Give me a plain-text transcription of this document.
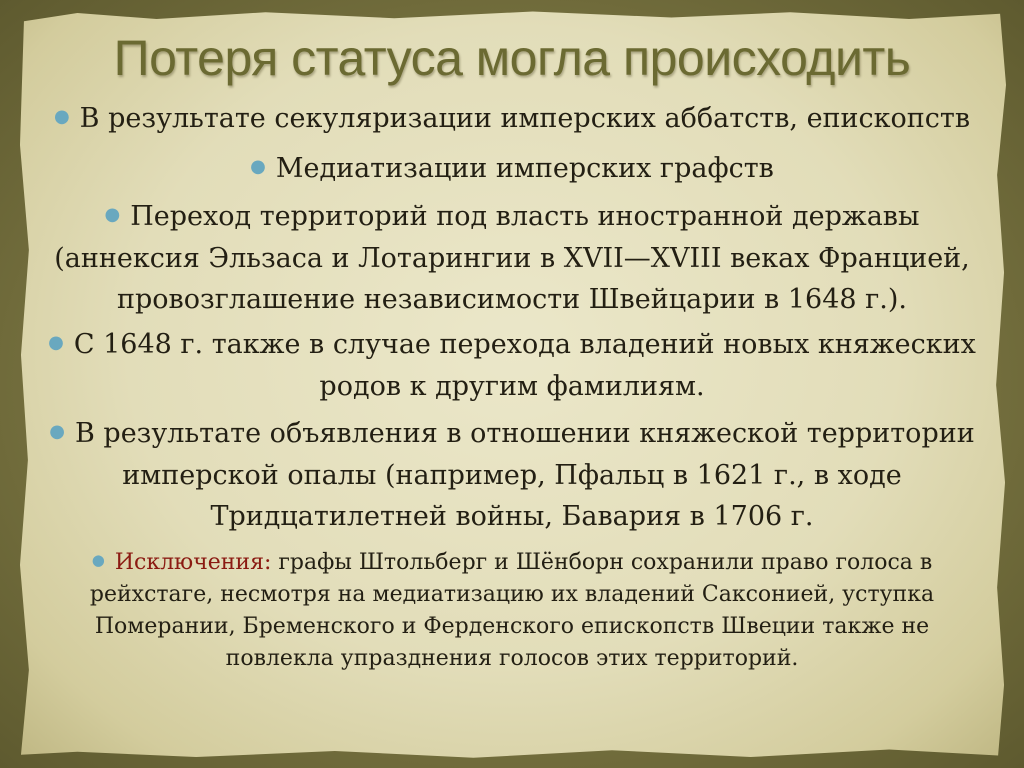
Потеря статуса могла происходить

● В результате секуляризации имперских аббатств, епископств

● Медиатизации имперских графств

● Переход территорий под власть иностранной державы (аннексия Эльзаса и Лотарингии в XVII—XVIII веках Францией, провозглашение независимости Швейцарии в 1648 г.).

● С 1648 г. также в случае перехода владений новых княжеских родов к другим фамилиям.

● В результате объявления в отношении княжеской территории имперской опалы (например, Пфальц в 1621 г., в ходе Тридцатилетней войны, Бавария в 1706 г.

● Исключения: графы Штольберг и Шёнборн сохранили право голоса в рейхстаге, несмотря на медиатизацию их владений Саксонией, уступка Померании, Бременского и Ферденского епископств Швеции также не повлекла упразднения голосов этих территорий.
